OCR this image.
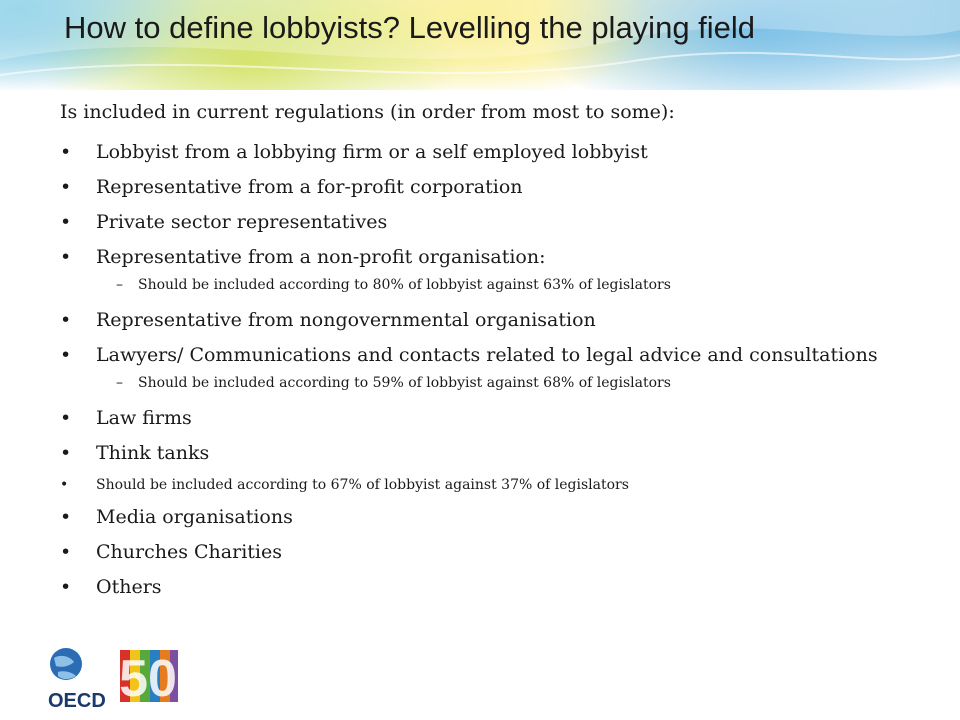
How to define lobbyists? Levelling the playing field

Is included in current regulations (in order from most to some):

• Lobbyist from a lobbying firm or a self employed lobbyist
• Representative from a for-profit corporation
• Private sector representatives
• Representative from a non-profit organisation:
– Should be included according to 80% of lobbyist against 63% of legislators
• Representative from nongovernmental organisation
• Lawyers/ Communications and contacts related to legal advice and consultations
– Should be included according to 59% of lobbyist against 68% of legislators
• Law firms
• Think tanks
• Should be included according to 67% of lobbyist against 37% of legislators
• Media organisations
• Churches Charities
• Others
50
OECD
